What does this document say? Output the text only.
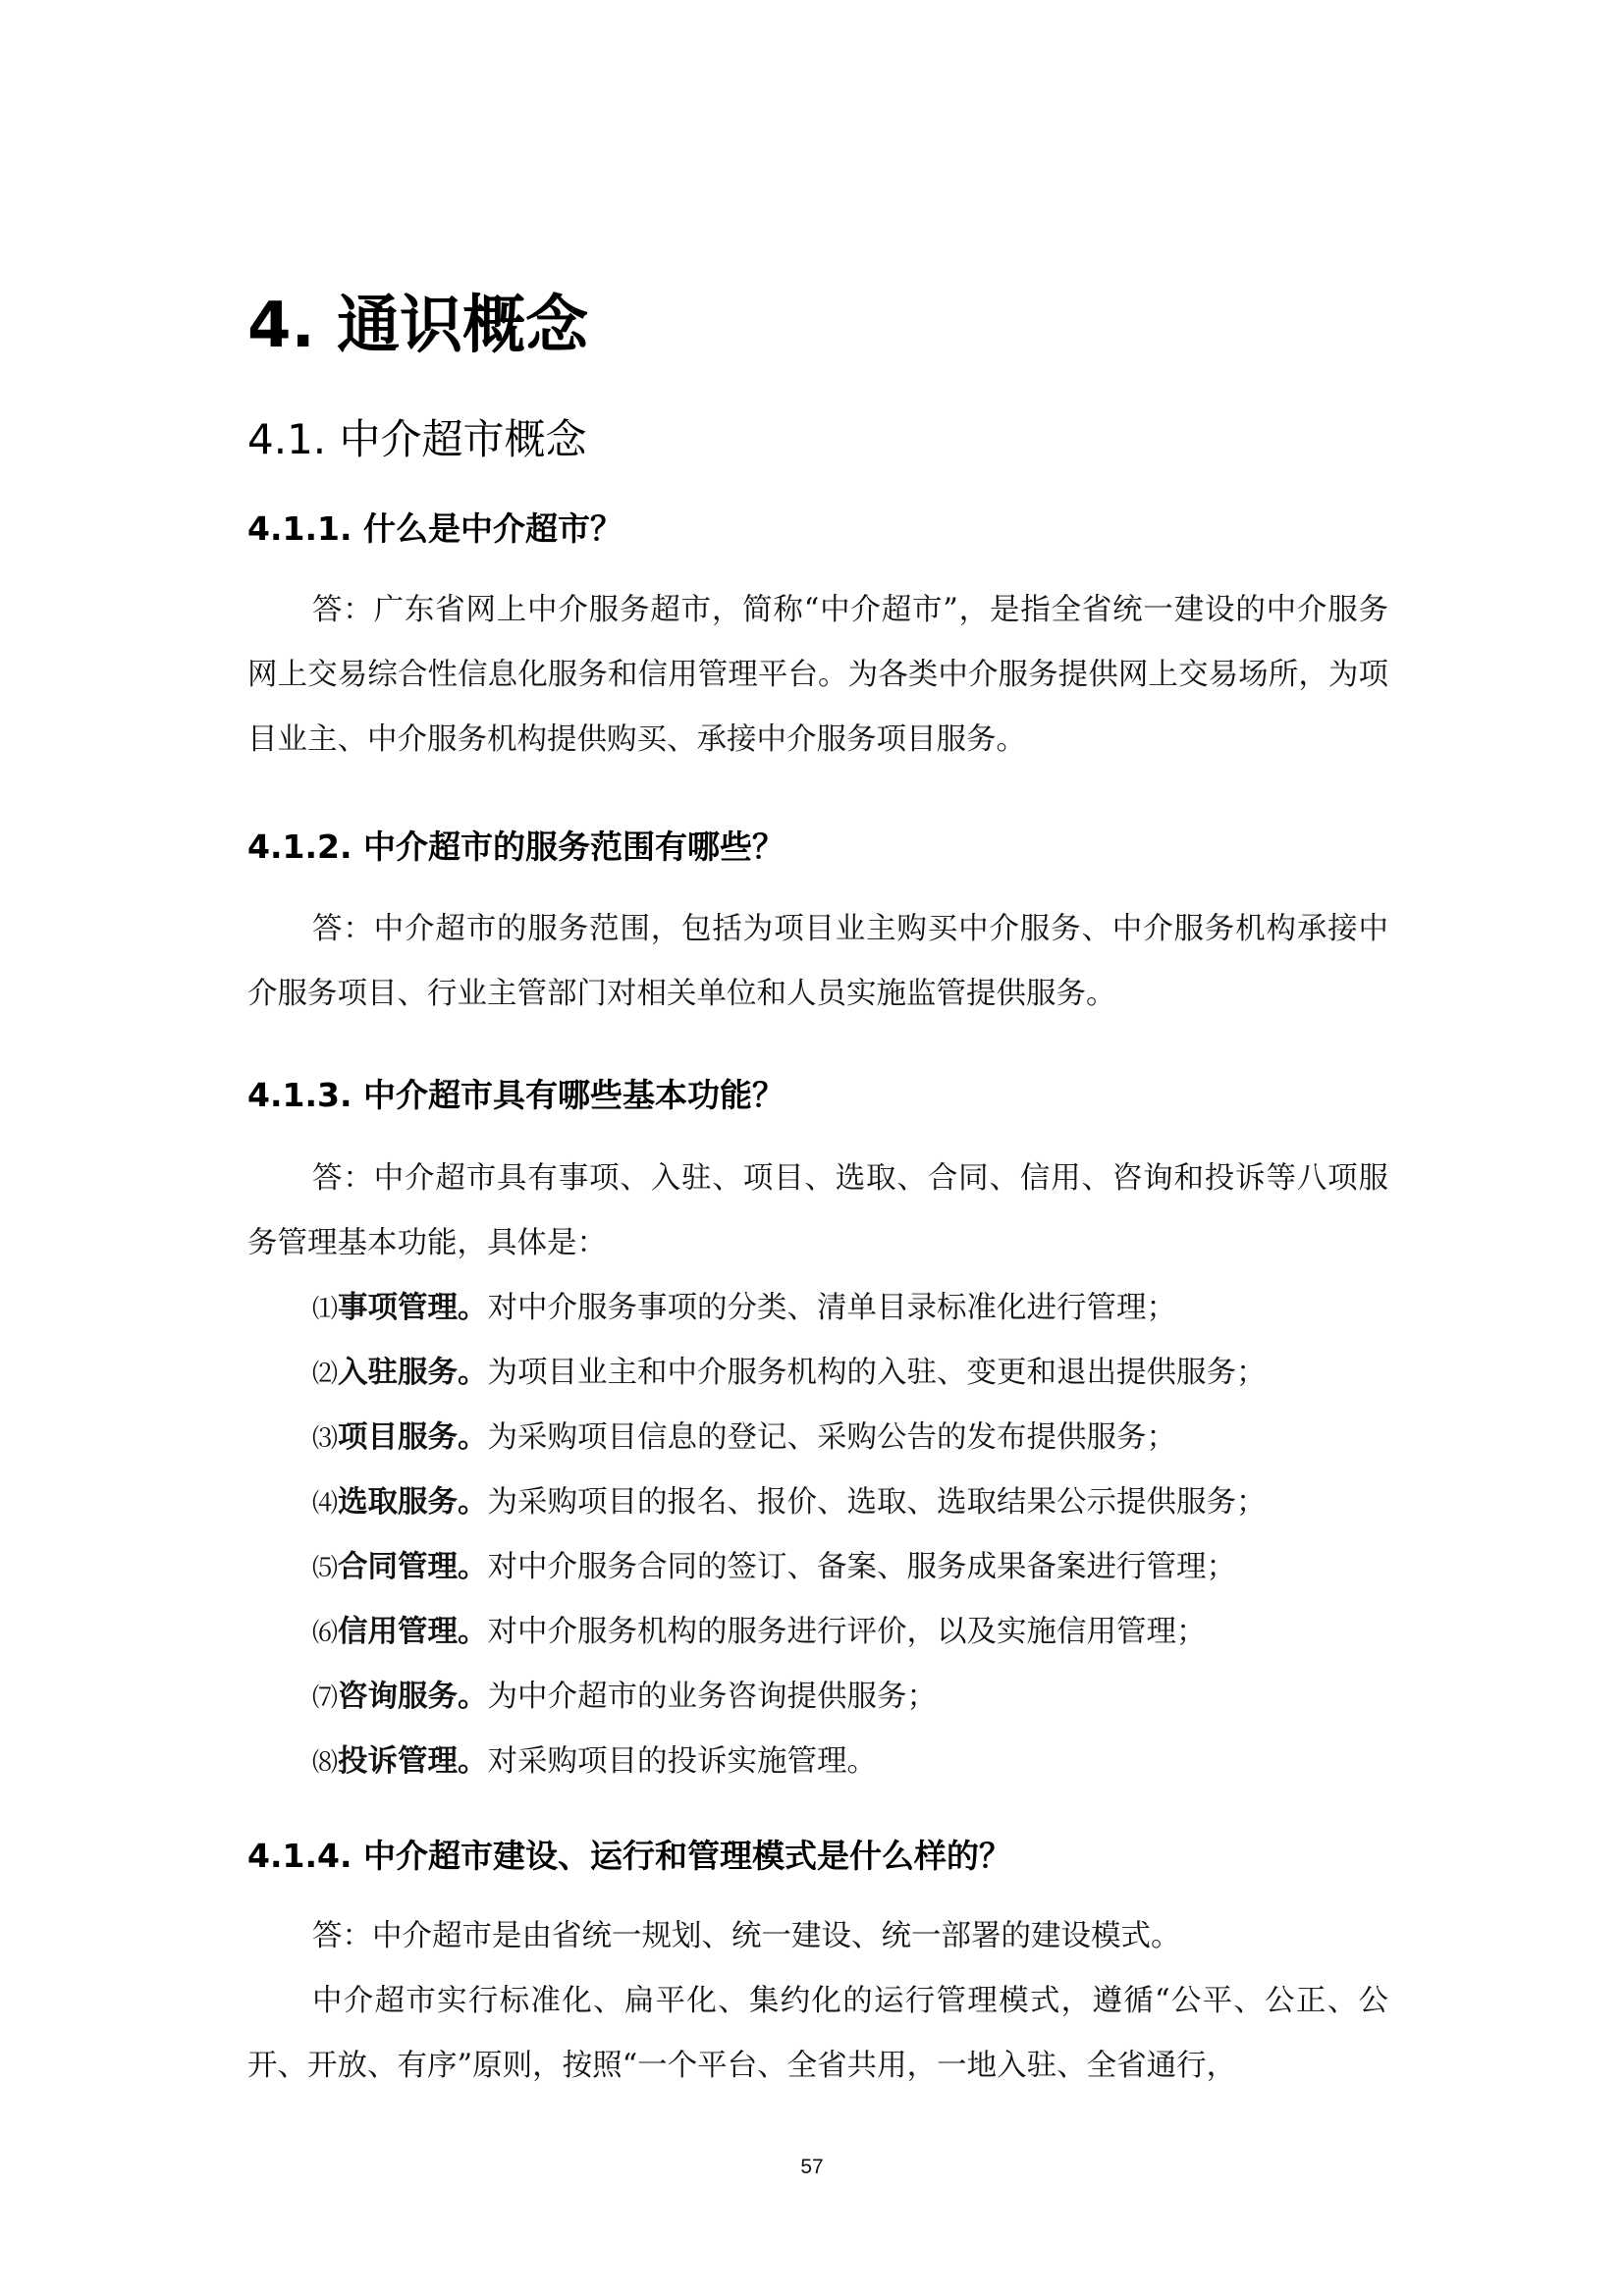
4. 通识概念
4.1. 中介超市概念
4.1.1. 什么是中介超市？

答：广东省网上中介服务超市，简称“中介超市”，是指全省统一建设的中介服务网上交易综合性信息化服务和信用管理平台。为各类中介服务提供网上交易场所，为项目业主、中介服务机构提供购买、承接中介服务项目服务。

4.1.2. 中介超市的服务范围有哪些？

答：中介超市的服务范围，包括为项目业主购买中介服务、中介服务机构承接中介服务项目、行业主管部门对相关单位和人员实施监管提供服务。

4.1.3. 中介超市具有哪些基本功能？

答：中介超市具有事项、入驻、项目、选取、合同、信用、咨询和投诉等八项服务管理基本功能，具体是：

⑴事项管理。对中介服务事项的分类、清单目录标准化进行管理；
⑵入驻服务。为项目业主和中介服务机构的入驻、变更和退出提供服务；
⑶项目服务。为采购项目信息的登记、采购公告的发布提供服务；
⑷选取服务。为采购项目的报名、报价、选取、选取结果公示提供服务；
⑸合同管理。对中介服务合同的签订、备案、服务成果备案进行管理；
⑹信用管理。对中介服务机构的服务进行评价，以及实施信用管理；
⑺咨询服务。为中介超市的业务咨询提供服务；
⑻投诉管理。对采购项目的投诉实施管理。
4.1.4. 中介超市建设、运行和管理模式是什么样的？

答：中介超市是由省统一规划、统一建设、统一部署的建设模式。

中介超市实行标准化、扁平化、集约化的运行管理模式，遵循“公平、公正、公开、开放、有序”原则，按照“一个平台、全省共用，一地入驻、全省通行，

57
